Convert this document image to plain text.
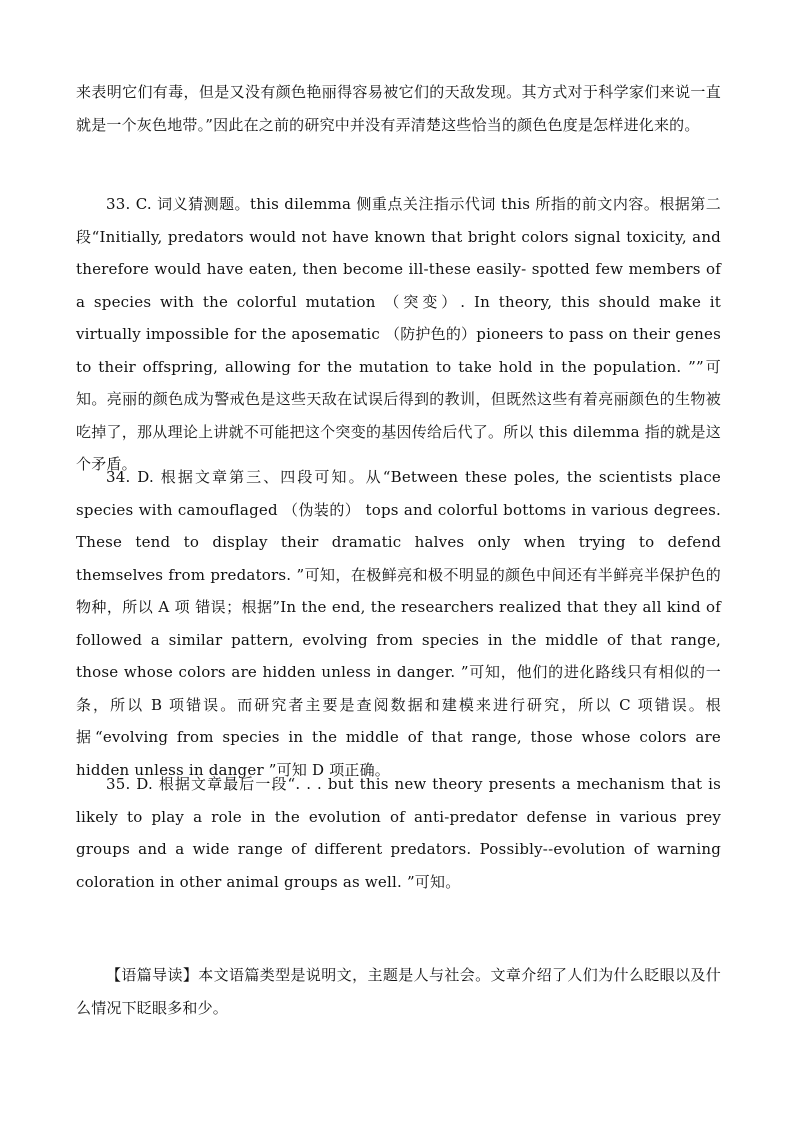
来表明它们有毒，但是又没有颜色艳丽得容易被它们的天敌发现。其方式对于科学家们来说一直就是一个灰色地带。”因此在之前的研究中并没有弄清楚这些恰当的颜色色度是怎样进化来的。

33. C. 词义猜测题。this dilemma 侧重点关注指示代词 this 所指的前文内容。根据第二段“Initially, predators would not have known that bright colors signal toxicity, and therefore would have eaten, then become ill-these easily- spotted few members of a species with the colorful mutation （突变）. In theory, this should make it virtually impossible for the aposematic （防护色的）pioneers to pass on their genes to their offspring, allowing for the mutation to take hold in the population. ””可知。亮丽的颜色成为警戒色是这些天敌在试误后得到的教训，但既然这些有着亮丽颜色的生物被吃掉了，那从理论上讲就不可能把这个突变的基因传给后代了。所以 this dilemma 指的就是这个矛盾。

34. D. 根据文章第三、四段可知。从“Between these poles, the scientists place species with camouflaged （伪装的） tops and colorful bottoms in various degrees. These tend to display their dramatic halves only when trying to defend themselves from predators. ”可知，在极鲜亮和极不明显的颜色中间还有半鲜亮半保护色的物种，所以 A 项 错误；根据”In the end, the researchers realized that they all kind of followed a similar pattern, evolving from species in the middle of that range, those whose colors are hidden unless in danger. ”可知，他们的进化路线只有相似的一条，所以 B 项错误。而研究者主要是查阅数据和建模来进行研究，所以 C 项错误。根据“evolving from species in the middle of that range, those whose colors are hidden unless in danger ”可知 D 项正确。

35. D. 根据文章最后一段“. . . but this new theory presents a mechanism that is likely to play a role in the evolution of anti-predator defense in various prey groups and a wide range of different predators. Possibly--evolution of warning coloration in other animal groups as well. ”可知。

【语篇导读】本文语篇类型是说明文，主题是人与社会。文章介绍了人们为什么眨眼以及什么情况下眨眼多和少。
